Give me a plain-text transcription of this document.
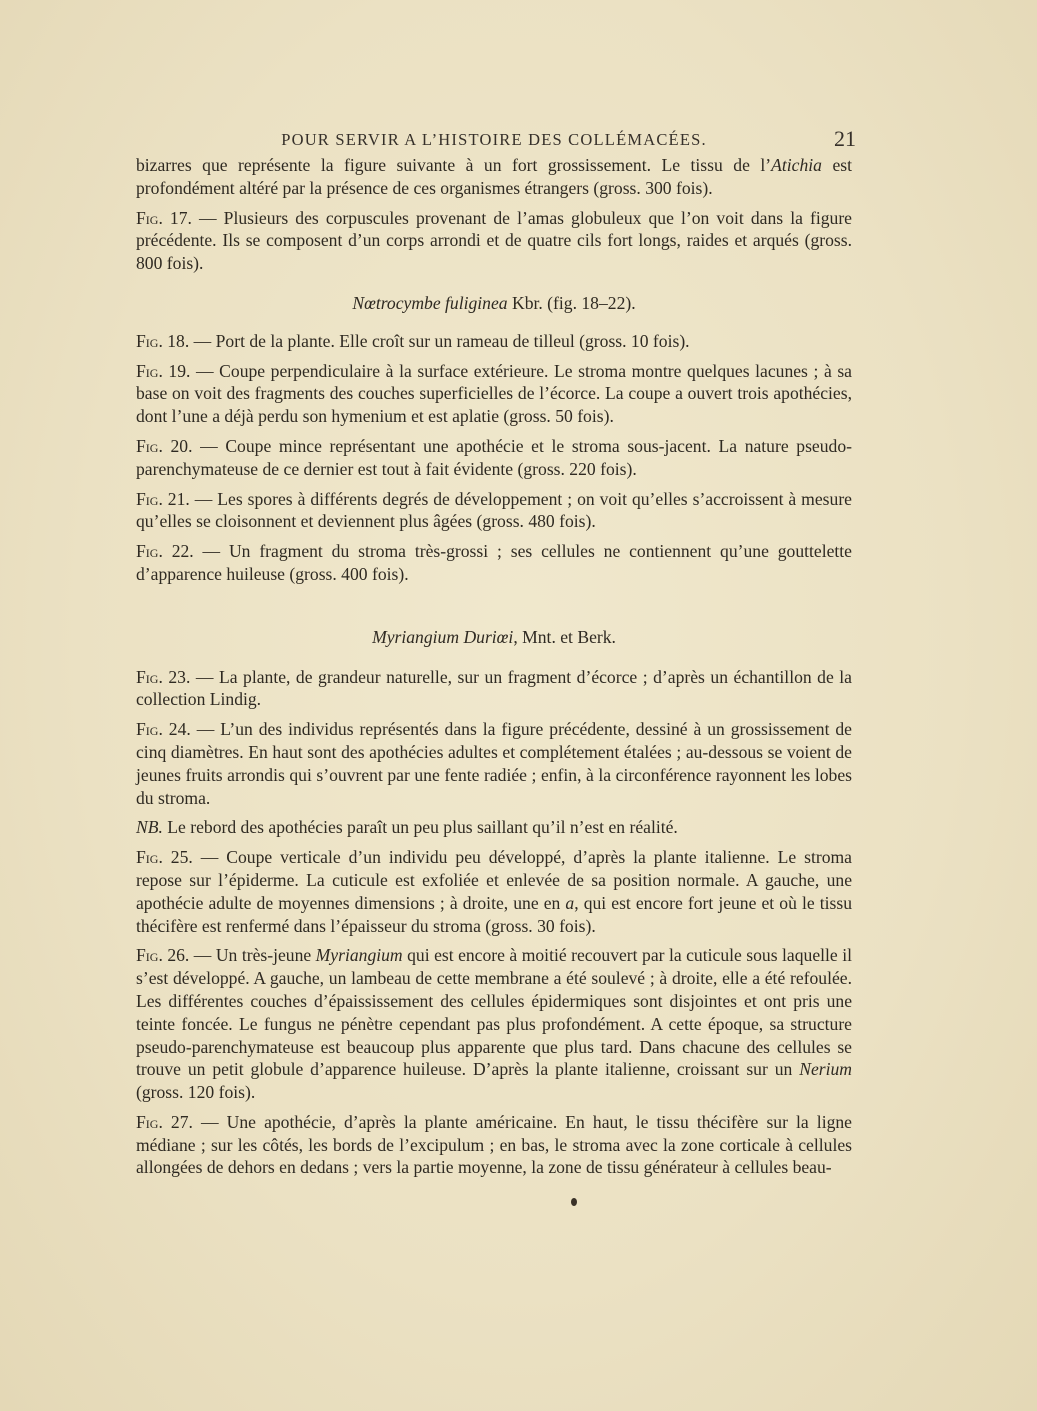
POUR SERVIR A L’HISTOIRE DES COLLÉMACÉES.	21

bizarres que représente la figure suivante à un fort grossissement. Le tissu de l’Atichia est profondément altéré par la présence de ces organismes étrangers (gross. 300 fois).

Fig. 17. — Plusieurs des corpuscules provenant de l’amas globuleux que l’on voit dans la figure précédente. Ils se composent d’un corps arrondi et de quatre cils fort longs, raides et arqués (gross. 800 fois).

Nœtrocymbe fuliginea Kbr. (fig. 18–22).

Fig. 18. — Port de la plante. Elle croît sur un rameau de tilleul (gross. 10 fois).

Fig. 19. — Coupe perpendiculaire à la surface extérieure. Le stroma montre quelques lacunes ; à sa base on voit des fragments des couches superficielles de l’écorce. La coupe a ouvert trois apothécies, dont l’une a déjà perdu son hymenium et est aplatie (gross. 50 fois).

Fig. 20. — Coupe mince représentant une apothécie et le stroma sous-jacent. La nature pseudo-parenchymateuse de ce dernier est tout à fait évidente (gross. 220 fois).

Fig. 21. — Les spores à différents degrés de développement ; on voit qu’elles s’accroissent à mesure qu’elles se cloisonnent et deviennent plus âgées (gross. 480 fois).

Fig. 22. — Un fragment du stroma très-grossi ; ses cellules ne contiennent qu’une gouttelette d’apparence huileuse (gross. 400 fois).

Myriangium Duriœi, Mnt. et Berk.

Fig. 23. — La plante, de grandeur naturelle, sur un fragment d’écorce ; d’après un échantillon de la collection Lindig.

Fig. 24. — L’un des individus représentés dans la figure précédente, dessiné à un grossissement de cinq diamètres. En haut sont des apothécies adultes et complétement étalées ; au-dessous se voient de jeunes fruits arrondis qui s’ouvrent par une fente radiée ; enfin, à la circonférence rayonnent les lobes du stroma.

NB. Le rebord des apothécies paraît un peu plus saillant qu’il n’est en réalité.

Fig. 25. — Coupe verticale d’un individu peu développé, d’après la plante italienne. Le stroma repose sur l’épiderme. La cuticule est exfoliée et enlevée de sa position normale. A gauche, une apothécie adulte de moyennes dimensions ; à droite, une en a, qui est encore fort jeune et où le tissu thécifère est renfermé dans l’épaisseur du stroma (gross. 30 fois).

Fig. 26. — Un très-jeune Myriangium qui est encore à moitié recouvert par la cuticule sous laquelle il s’est développé. A gauche, un lambeau de cette membrane a été soulevé ; à droite, elle a été refoulée. Les différentes couches d’épaississement des cellules épidermiques sont disjointes et ont pris une teinte foncée. Le fungus ne pénètre cependant pas plus profondément. A cette époque, sa structure pseudo-parenchymateuse est beaucoup plus apparente que plus tard. Dans chacune des cellules se trouve un petit globule d’apparence huileuse. D’après la plante italienne, croissant sur un Nerium (gross. 120 fois).

Fig. 27. — Une apothécie, d’après la plante américaine. En haut, le tissu thécifère sur la ligne médiane ; sur les côtés, les bords de l’excipulum ; en bas, le stroma avec la zone corticale à cellules allongées de dehors en dedans ; vers la partie moyenne, la zone de tissu générateur à cellules beau-
